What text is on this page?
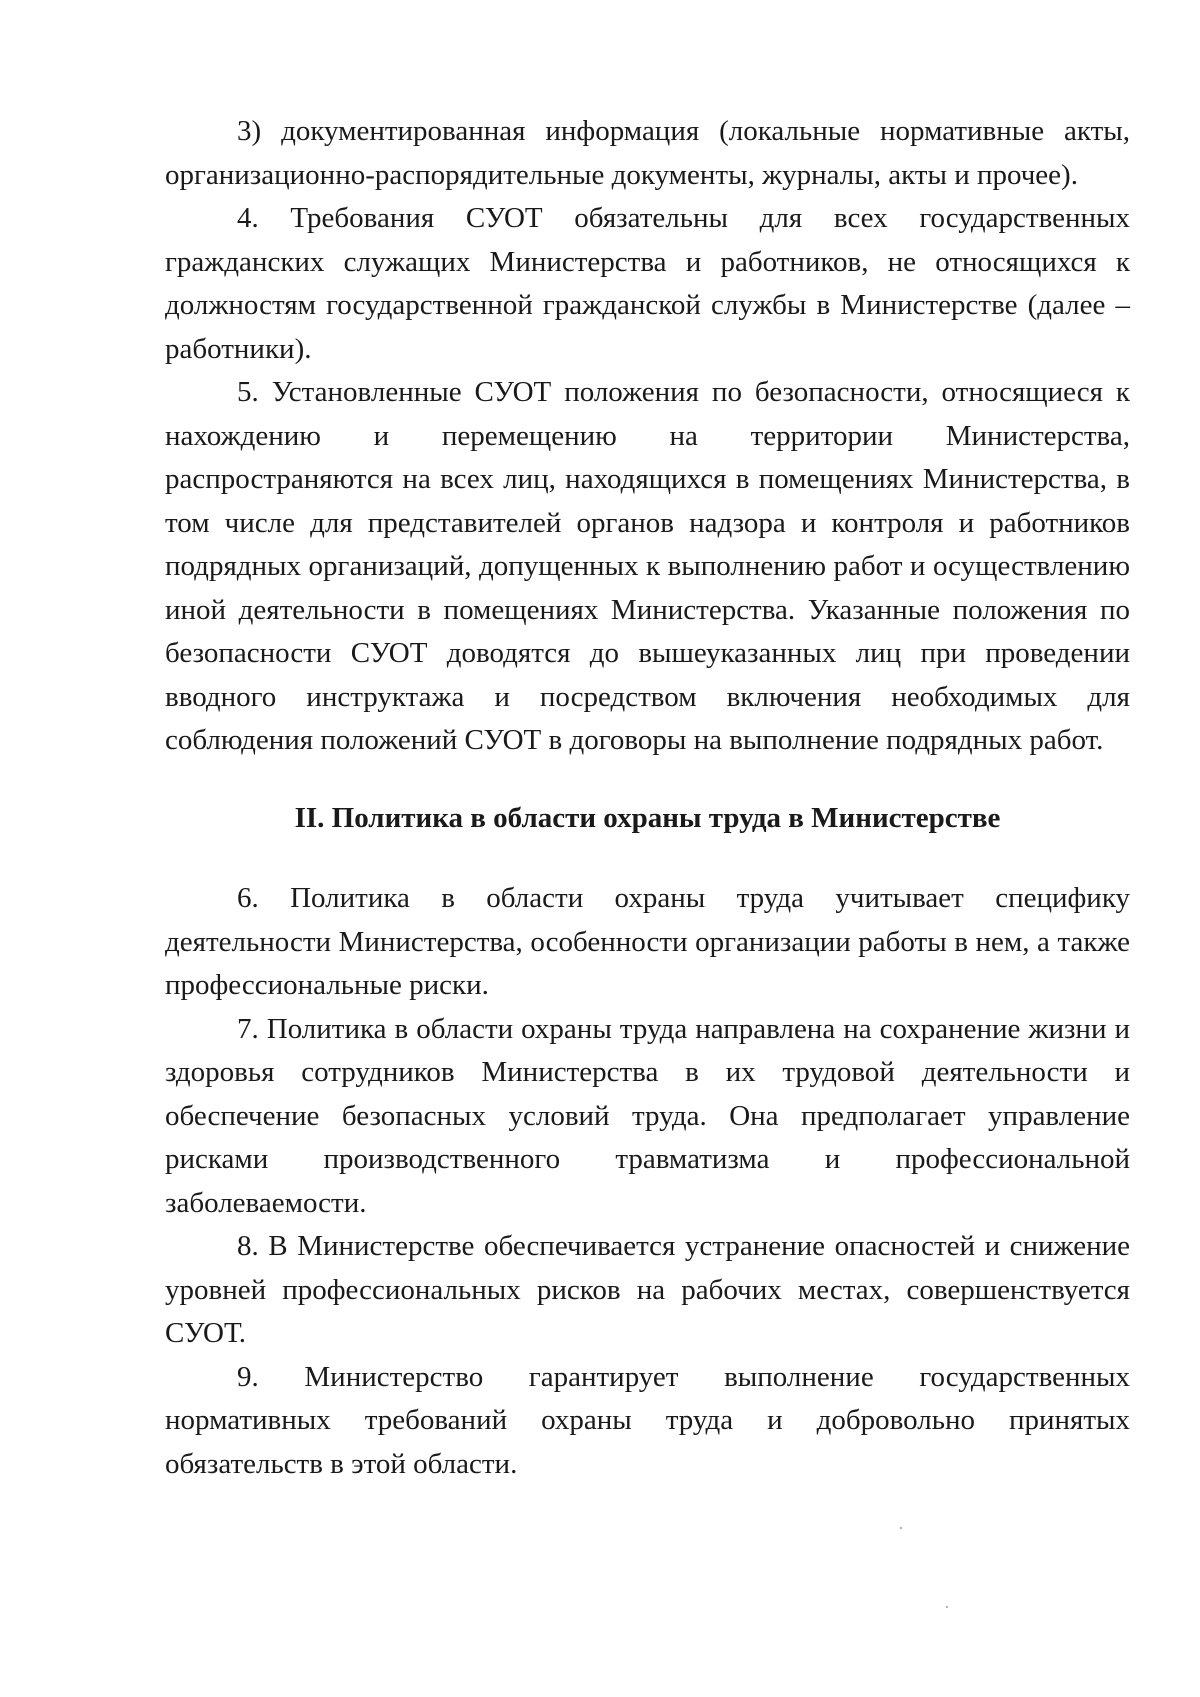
3) документированная информация (локальные нормативные акты, организационно-распорядительные документы, журналы, акты и прочее).

4. Требования СУОТ обязательны для всех государственных гражданских служащих Министерства и работников, не относящихся к должностям государственной гражданской службы в Министерстве (далее – работники).

5. Установленные СУОТ положения по безопасности, относящиеся к нахождению и перемещению на территории Министерства, распространяются на всех лиц, находящихся в помещениях Министерства, в том числе для представителей органов надзора и контроля и работников подрядных организаций, допущенных к выполнению работ и осуществлению иной деятельности в помещениях Министерства. Указанные положения по безопасности СУОТ доводятся до вышеуказанных лиц при проведении вводного инструктажа и посредством включения необходимых для соблюдения положений СУОТ в договоры на выполнение подрядных работ.

II. Политика в области охраны труда в Министерстве

6. Политика в области охраны труда учитывает специфику деятельности Министерства, особенности организации работы в нем, а также профессиональные риски.

7. Политика в области охраны труда направлена на сохранение жизни и здоровья сотрудников Министерства в их трудовой деятельности и обеспечение безопасных условий труда. Она предполагает управление рисками производственного травматизма и профессиональной заболеваемости.

8. В Министерстве обеспечивается устранение опасностей и снижение уровней профессиональных рисков на рабочих местах, совершенствуется СУОТ.

9. Министерство гарантирует выполнение государственных нормативных требований охраны труда и добровольно принятых обязательств в этой области.
